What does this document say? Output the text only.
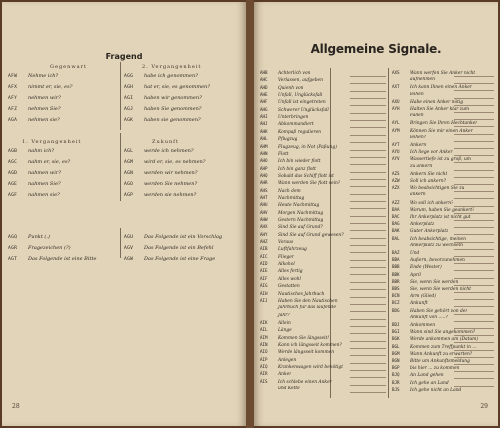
Fragend
Gegenwart	2. Vergangenheit
AFW Nehme ich?
AFX nimmt er, sie, es?
AFY nehmen wir?
AFZ nehmen Sie?
AGA nehmen sie?
AGG habe ich genommen?
AGH hat er, sie, es genommen?
AGI haben wir genommen?
AGJ haben Sie genommen?
AGK haben sie genommen?
1. Vergangenheit	Zukunft
AGB nahm ich?
AGC nahm er, sie, es?
AGD nahmen wir?
AGE nahmen Sie?
AGF nahmen sie?
AGL werde ich nehmen?
AGM wird er, sie, es nehmen?
AGN werden wir nehmen?
AGO werden Sie nehmen?
AGP werden sie nehmen?
AGQ Punkt (.)
AGR Fragezeichen (?)
AGT Das Folgende ist eine Bitte
AGU Das Folgende ist ein Vorschlag
AGV Das Folgende ist ein Befehl
AGW Das Folgende ist eine Frage
28
Allgemeine Signale.
AHB Achterlich von
AHC Verlassen, aufgeben
AHD Quienh von
AHE Unfall, Unglücksfall
AHF Unfall ist eingetreten
AHG Schwerer Unglücksfall
AHI Unterbringen
AHJ Abkommandiert
AHK Kompaß regulieren
AHL Pflugzug
AHM Flugzeug, in Not (Paßung)
AHN Flott
AHO Ich bin wieder flott
AHP Ich bin ganz flott
AHQ Sobald das Schiff flott ist
AHR Wann werden Sie flott sein?
AHS Nach dem
AHT Nachmittag
AHU Heute Nachmittag
AHV Morgen Nachmittag
AHW Gestern Nachmittag
AHX Sind Sie auf Grund?
AHY Sind Sie auf Grund gewesen?
AHZ Voraus
AIB Luftfahrzeug
AIC Flieger
AID Alkohol
AIE Alles fertig
AIF Alles wohl
AIG Gestatten
AIH Nautisches Jahrbuch
AIJ Haben Sie den Nautischen
Jahrbuch für das laufende
Jahr?
AIK Allein
AIL Länge
AIM Kommen Sie längsseit!
AIN Kann ich längsseit kommen?
AIO Werde längsseit kommen
AIP Anlegen
AIQ Krankenwagen wird benötigt
AIR Anker
AIS Ich schlebe einen Anker
und Kette
AXS Wann werfen Sie Anker nicht
aufnehmen
AXT Ich kann Ihnen einen Anker
leihen
AXU Habe einen Anker nötig
AYH Halten Sie Anker klar zum
Fallen
AYL Bringen Sie Ihren Hechtanker
AYM Können Sie mir einen Anker
leihen?
AYT Ankern
AYU Ich liege vor Anker
AYV Wassertiefe ist zu groß, um
zu ankern
AZS Ankern Sie nicht
AZW Soll ich ankern?
AZX Wo beabsichtigen Sie zu
ankern
AZZ Wo soll ich ankern?
BAA Warum, haben Sie geankert?
BAC Ihr Ankerplatz ist nicht gut
BAG Ankerplatz
BAK Guter Ankerplatz
BAL Ich beabsichtige, meinen
Ankerplatz zu wechseln
BAZ Und
BBA Äußern, bevorzunehmen
BBB Ende (Wester)
BBK April
BBR Sie, wenn Sie werden
BBS Sie, wenn Sie werden nicht
BCN Arm (Glied)
BCZ Ankunft
BDG Haben Sie gehört von der
Ankunft von .....?
BDJ Ankommen
BGI Wann sind Sie angekommen?
BGK Werde ankommen am (Datum)
BGL Kommen zum Treffpunkt in ...
BGM Wann Ankunft zu erwarten?
BGN Bitte um Ankunftsmeldung
BGP bis hier ... zu kommen
BJQ An Land gehen
BJR Ich gehe an Land
BJS Ich gehe nicht an Land
29
